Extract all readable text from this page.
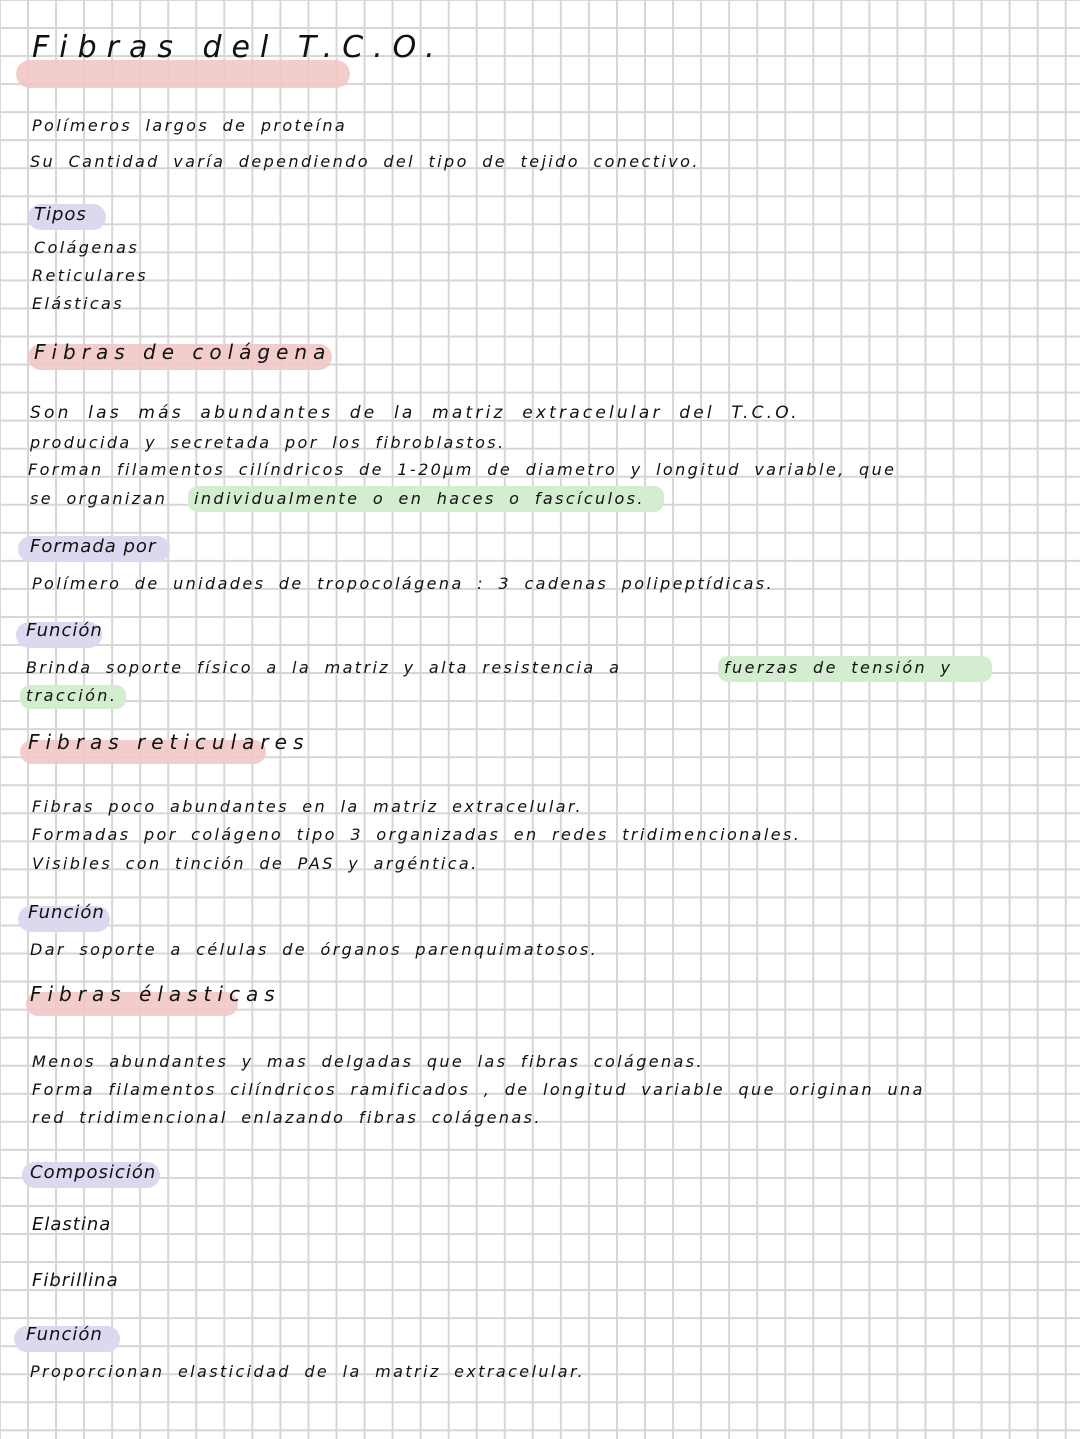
Fibras del T.C.O.
Polímeros largos de proteína
Su Cantidad varía dependiendo del tipo de tejido conectivo.
Tipos
Colágenas
Reticulares
Elásticas
Fibras de colágena
Son las más abundantes de la matriz extracelular del T.C.O.
producida y secretada por los fibroblastos.
Forman filamentos cilíndricos de 1-20µm de diametro y longitud variable, que
se organizan individualmente o en haces o fascículos.
Formada por
Polímero de unidades de tropocolágena : 3 cadenas polipeptídicas.
Función
Brinda soporte físico a la matriz y alta resistencia a	fuerzas de tensión y
tracción.
Fibras reticulares
Fibras poco abundantes en la matriz extracelular.
Formadas por colágeno tipo 3 organizadas en redes tridimencionales.
Visibles con tinción de PAS y argéntica.
Función
Dar soporte a células de órganos parenquimatosos.
Fibras élasticas
Menos abundantes y mas delgadas que las fibras colágenas.
Forma filamentos cilíndricos ramificados , de longitud variable que originan una
red tridimencional enlazando fibras colágenas.
Composición
Elastina
Fibrillina
Función
Proporcionan elasticidad de la matriz extracelular.
